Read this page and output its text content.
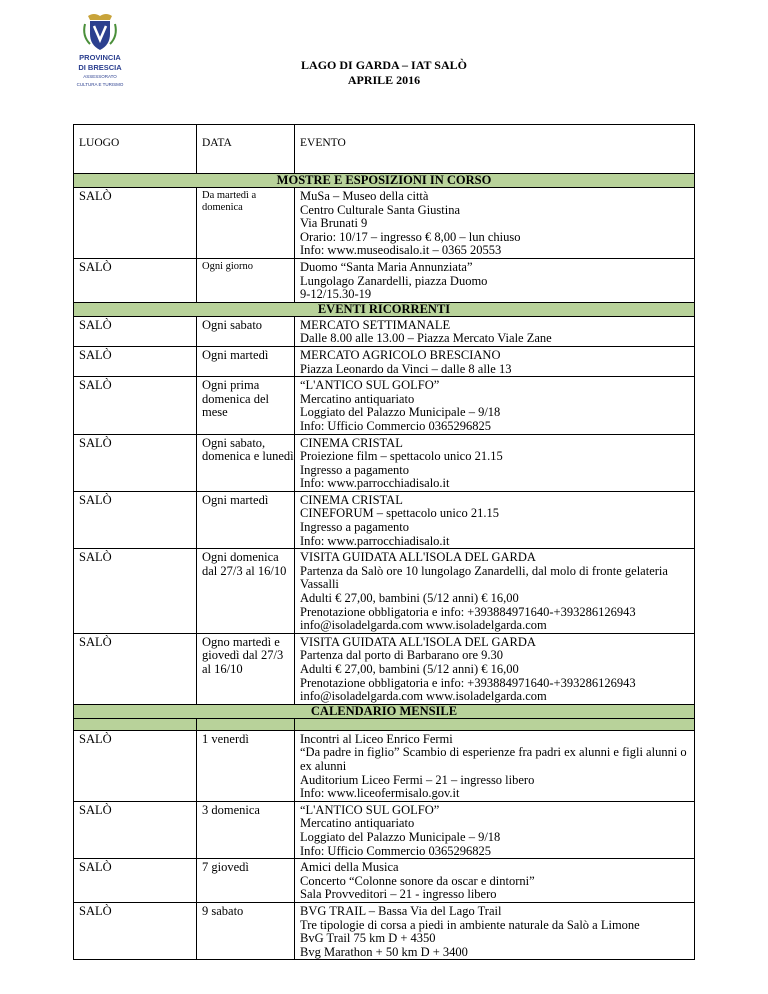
PROVINCIA
DI BRESCIA
ASSESSORATO
CULTURA E TURISMO
LAGO DI GARDA – IAT SALÒ
APRILE 2016
LUOGO	DATA	EVENTO
MOSTRE E ESPOSIZIONI IN CORSO		
SALÒ	Da martedì a domenica	MuSa – Museo della città
Centro Culturale Santa Giustina
Via Brunati 9
Orario: 10/17 – ingresso € 8,00 – lun chiuso
Info: www.museodisalo.it – 0365 20553

SALÒ	Ogni giorno	Duomo “Santa Maria Annunziata”
Lungolago Zanardelli, piazza Duomo
9-12/15.30-19

EVENTI RICORRENTI		
SALÒ	Ogni sabato	MERCATO SETTIMANALE
Dalle 8.00 alle 13.00 – Piazza Mercato Viale Zane

SALÒ	Ogni martedì	MERCATO AGRICOLO BRESCIANO
Piazza Leonardo da Vinci – dalle 8 alle 13

SALÒ	Ogni prima domenica del mese	“L'ANTICO SUL GOLFO”
Mercatino antiquariato
Loggiato del Palazzo Municipale – 9/18
Info: Ufficio Commercio 0365296825

SALÒ	Ogni sabato, domenica e lunedì	CINEMA CRISTAL
Proiezione film – spettacolo unico 21.15
Ingresso a pagamento
Info: www.parrocchiadisalo.it

SALÒ	Ogni martedì	CINEMA CRISTAL
CINEFORUM – spettacolo unico 21.15
Ingresso a pagamento
Info: www.parrocchiadisalo.it

SALÒ	Ogni domenica dal 27/3 al 16/10	VISITA GUIDATA ALL'ISOLA DEL GARDA
Partenza da Salò ore 10 lungolago Zanardelli, dal molo di fronte gelateria Vassalli
Adulti € 27,00, bambini (5/12 anni) € 16,00
Prenotazione obbligatoria e info: +393884971640-+393286126943
info@isoladelgarda.com www.isoladelgarda.com

SALÒ	Ogno martedì e giovedì dal 27/3 al 16/10	VISITA GUIDATA ALL'ISOLA DEL GARDA
Partenza dal porto di Barbarano ore 9.30
Adulti € 27,00, bambini (5/12 anni) € 16,00
Prenotazione obbligatoria e info: +393884971640-+393286126943
info@isoladelgarda.com www.isoladelgarda.com

CALENDARIO MENSILE		

SALÒ	1 venerdì	Incontri al Liceo Enrico Fermi
“Da padre in figlio” Scambio di esperienze fra padri ex alunni e figli alunni o ex alunni
Auditorium Liceo Fermi – 21 – ingresso libero
Info: www.liceofermisalo.gov.it

SALÒ	3 domenica	“L'ANTICO SUL GOLFO”
Mercatino antiquariato
Loggiato del Palazzo Municipale – 9/18
Info: Ufficio Commercio 0365296825

SALÒ	7 giovedì	Amici della Musica
Concerto “Colonne sonore da oscar e dintorni”
Sala Provveditori – 21 - ingresso libero

SALÒ	9 sabato	BVG TRAIL – Bassa Via del Lago Trail
Tre tipologie di corsa a piedi in ambiente naturale da Salò a Limone
BvG Trail 75 km D + 4350
Bvg Marathon + 50 km D + 3400
